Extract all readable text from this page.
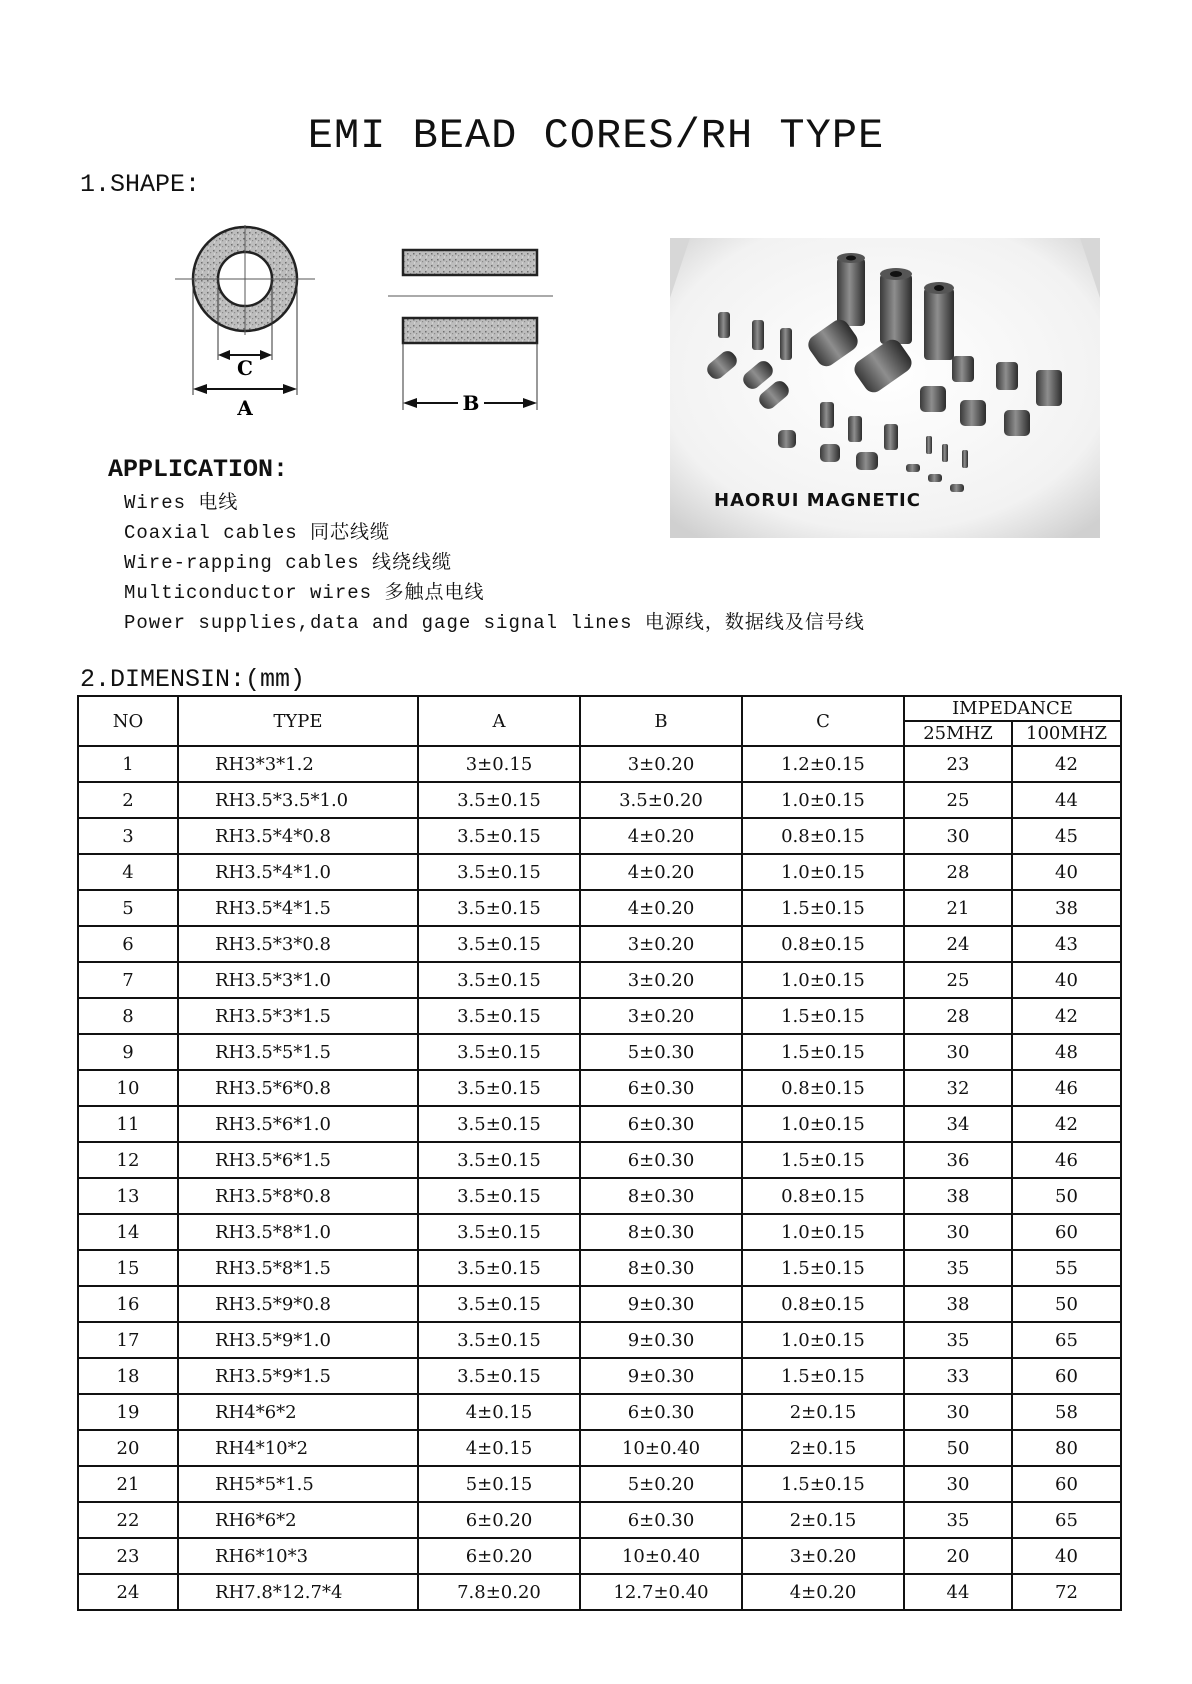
EMI BEAD CORES/RH TYPE
1.SHAPE:
C
A	B
HAORUI MAGNETIC
APPLICATION:
Wires 电线
Coaxial cables 同芯线缆
Wire-rapping cables 线绕线缆
Multiconductor wires 多触点电线
Power supplies,data and gage signal lines 电源线，数据线及信号线
2.DIMENSIN:(mm)
NO	TYPE	A	B	C	IMPEDANCE	
					25MHZ	100MHZ
1	RH3*3*1.2	3±0.15	3±0.20	1.2±0.15	23	42
2	RH3.5*3.5*1.0	3.5±0.15	3.5±0.20	1.0±0.15	25	44
3	RH3.5*4*0.8	3.5±0.15	4±0.20	0.8±0.15	30	45
4	RH3.5*4*1.0	3.5±0.15	4±0.20	1.0±0.15	28	40
5	RH3.5*4*1.5	3.5±0.15	4±0.20	1.5±0.15	21	38
6	RH3.5*3*0.8	3.5±0.15	3±0.20	0.8±0.15	24	43
7	RH3.5*3*1.0	3.5±0.15	3±0.20	1.0±0.15	25	40
8	RH3.5*3*1.5	3.5±0.15	3±0.20	1.5±0.15	28	42
9	RH3.5*5*1.5	3.5±0.15	5±0.30	1.5±0.15	30	48
10	RH3.5*6*0.8	3.5±0.15	6±0.30	0.8±0.15	32	46
11	RH3.5*6*1.0	3.5±0.15	6±0.30	1.0±0.15	34	42
12	RH3.5*6*1.5	3.5±0.15	6±0.30	1.5±0.15	36	46
13	RH3.5*8*0.8	3.5±0.15	8±0.30	0.8±0.15	38	50
14	RH3.5*8*1.0	3.5±0.15	8±0.30	1.0±0.15	30	60
15	RH3.5*8*1.5	3.5±0.15	8±0.30	1.5±0.15	35	55
16	RH3.5*9*0.8	3.5±0.15	9±0.30	0.8±0.15	38	50
17	RH3.5*9*1.0	3.5±0.15	9±0.30	1.0±0.15	35	65
18	RH3.5*9*1.5	3.5±0.15	9±0.30	1.5±0.15	33	60
19	RH4*6*2	4±0.15	6±0.30	2±0.15	30	58
20	RH4*10*2	4±0.15	10±0.40	2±0.15	50	80
21	RH5*5*1.5	5±0.15	5±0.20	1.5±0.15	30	60
22	RH6*6*2	6±0.20	6±0.30	2±0.15	35	65
23	RH6*10*3	6±0.20	10±0.40	3±0.20	20	40
24	RH7.8*12.7*4	7.8±0.20	12.7±0.40	4±0.20	44	72
